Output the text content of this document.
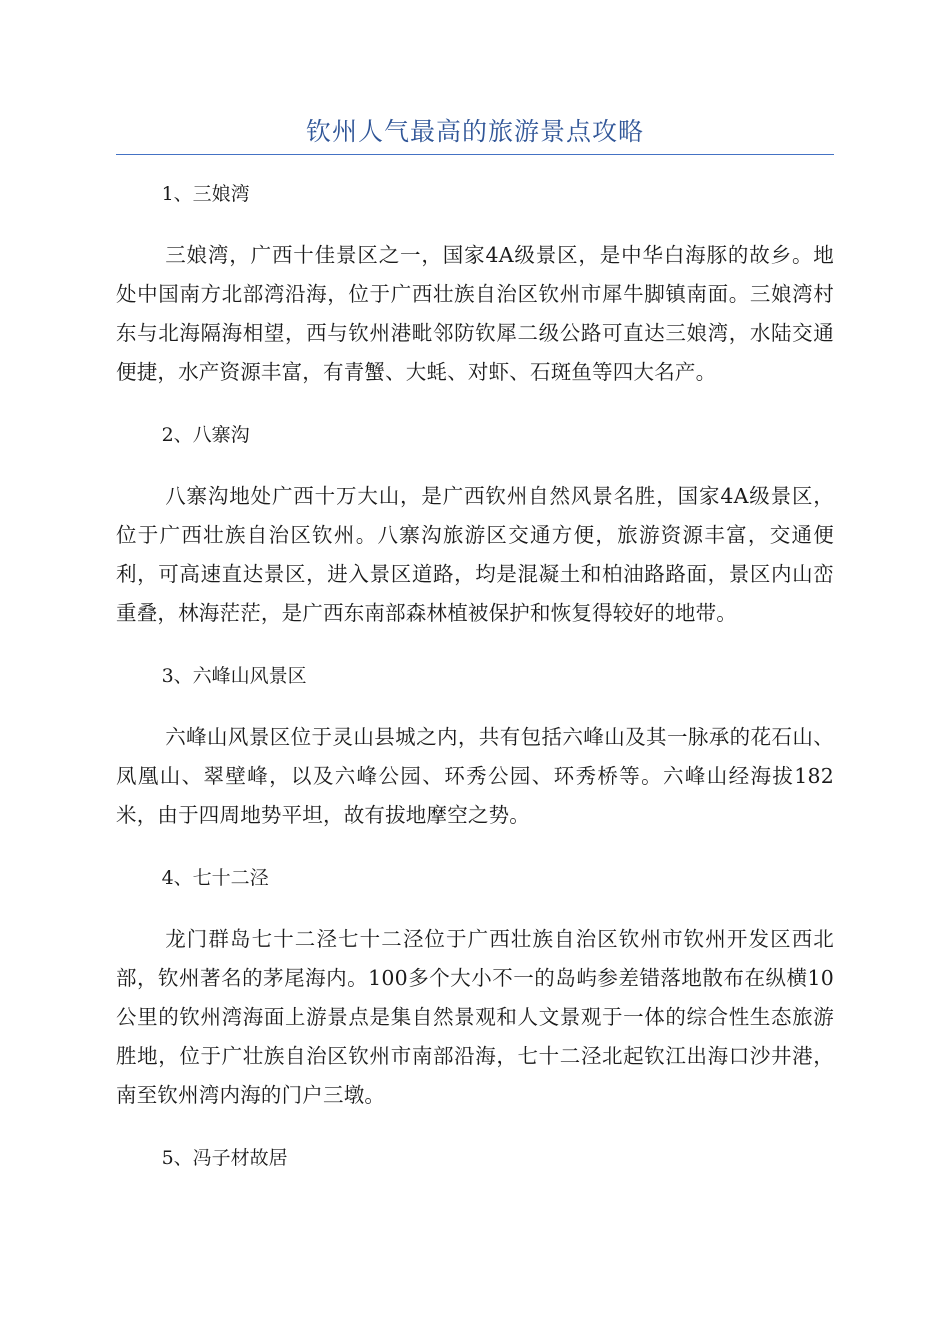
钦州人气最高的旅游景点攻略

1、三娘湾

三娘湾，广西十佳景区之一，国家4A级景区，是中华白海豚的故乡。地处中国南方北部湾沿海，位于广西壮族自治区钦州市犀牛脚镇南面。三娘湾村东与北海隔海相望，西与钦州港毗邻防钦犀二级公路可直达三娘湾，水陆交通便捷，水产资源丰富，有青蟹、大蚝、对虾、石斑鱼等四大名产。

2、八寨沟

八寨沟地处广西十万大山，是广西钦州自然风景名胜，国家4A级景区，位于广西壮族自治区钦州。八寨沟旅游区交通方便，旅游资源丰富，交通便利，可高速直达景区，进入景区道路，均是混凝土和柏油路路面，景区内山峦重叠，林海茫茫，是广西东南部森林植被保护和恢复得较好的地带。

3、六峰山风景区

六峰山风景区位于灵山县城之内，共有包括六峰山及其一脉承的花石山、凤凰山、翠壁峰，以及六峰公园、环秀公园、环秀桥等。六峰山经海拔182米，由于四周地势平坦，故有拔地摩空之势。

4、七十二泾

龙门群岛七十二泾七十二泾位于广西壮族自治区钦州市钦州开发区西北部，钦州著名的茅尾海内。100多个大小不一的岛屿参差错落地散布在纵横10公里的钦州湾海面上游景点是集自然景观和人文景观于一体的综合性生态旅游胜地，位于广壮族自治区钦州市南部沿海，七十二泾北起钦江出海口沙井港，南至钦州湾内海的门户三墩。

5、冯子材故居
